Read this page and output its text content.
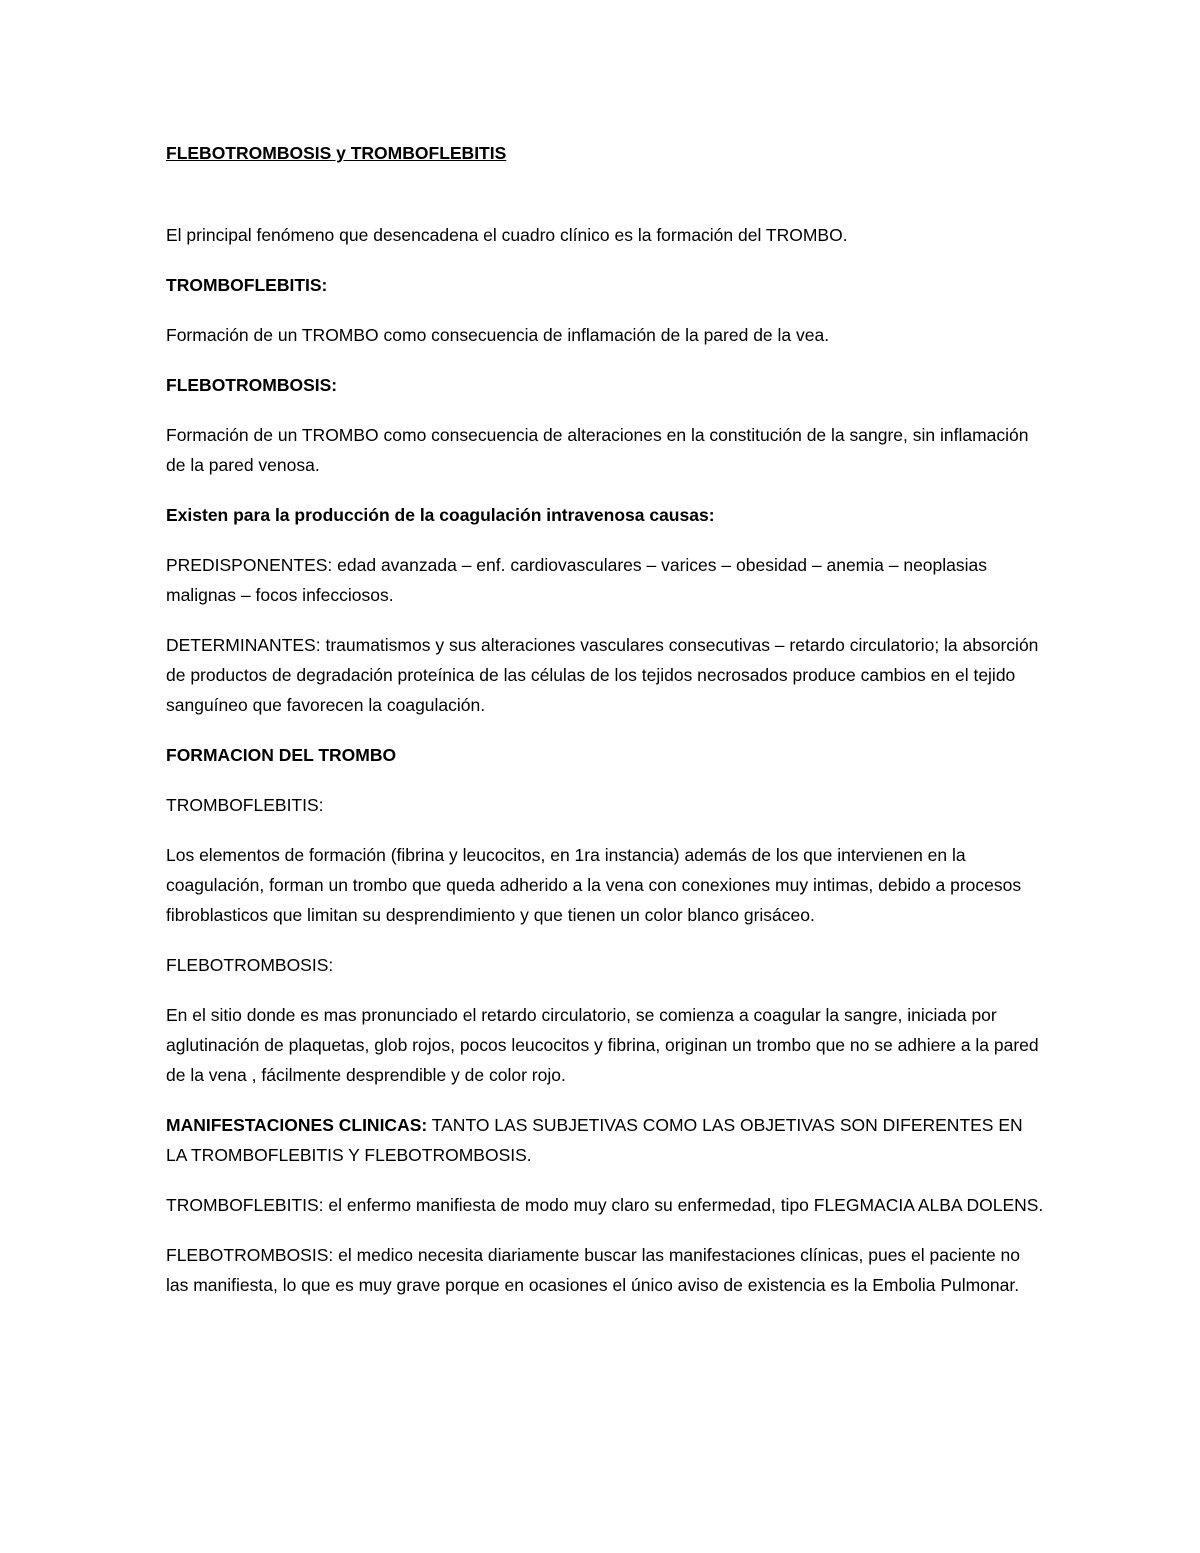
FLEBOTROMBOSIS y TROMBOFLEBITIS

El principal fenómeno que desencadena el cuadro clínico es la formación del TROMBO.

TROMBOFLEBITIS:

Formación de un TROMBO como consecuencia de inflamación de la pared de la vea.

FLEBOTROMBOSIS:

Formación de un TROMBO como consecuencia de alteraciones en la constitución de la sangre, sin inflamación de la pared venosa.

Existen para la producción de la coagulación intravenosa causas:

PREDISPONENTES: edad avanzada – enf. cardiovasculares – varices – obesidad – anemia – neoplasias malignas – focos infecciosos.

DETERMINANTES: traumatismos y sus alteraciones vasculares consecutivas – retardo circulatorio; la absorción de productos de degradación proteínica de las células de los tejidos necrosados produce cambios en el tejido sanguíneo que favorecen la coagulación.

FORMACION DEL TROMBO

TROMBOFLEBITIS:

Los elementos de formación (fibrina y leucocitos, en 1ra instancia) además de los que intervienen en la coagulación, forman un trombo que queda adherido a la vena con conexiones muy intimas, debido a procesos fibroblasticos que limitan su desprendimiento y que tienen un color blanco grisáceo.

FLEBOTROMBOSIS:

En el sitio donde es mas pronunciado el retardo circulatorio, se comienza a coagular la sangre, iniciada por aglutinación de plaquetas, glob rojos, pocos leucocitos y fibrina, originan un trombo que no se adhiere a la pared de la vena , fácilmente desprendible y de color rojo.

MANIFESTACIONES CLINICAS: TANTO LAS SUBJETIVAS COMO LAS OBJETIVAS SON DIFERENTES EN LA TROMBOFLEBITIS Y FLEBOTROMBOSIS.

TROMBOFLEBITIS: el enfermo manifiesta de modo muy claro su enfermedad, tipo FLEGMACIA ALBA DOLENS.

FLEBOTROMBOSIS: el medico necesita diariamente buscar las manifestaciones clínicas, pues el paciente no las manifiesta, lo que es muy grave porque en ocasiones el único aviso de existencia es la Embolia Pulmonar.
